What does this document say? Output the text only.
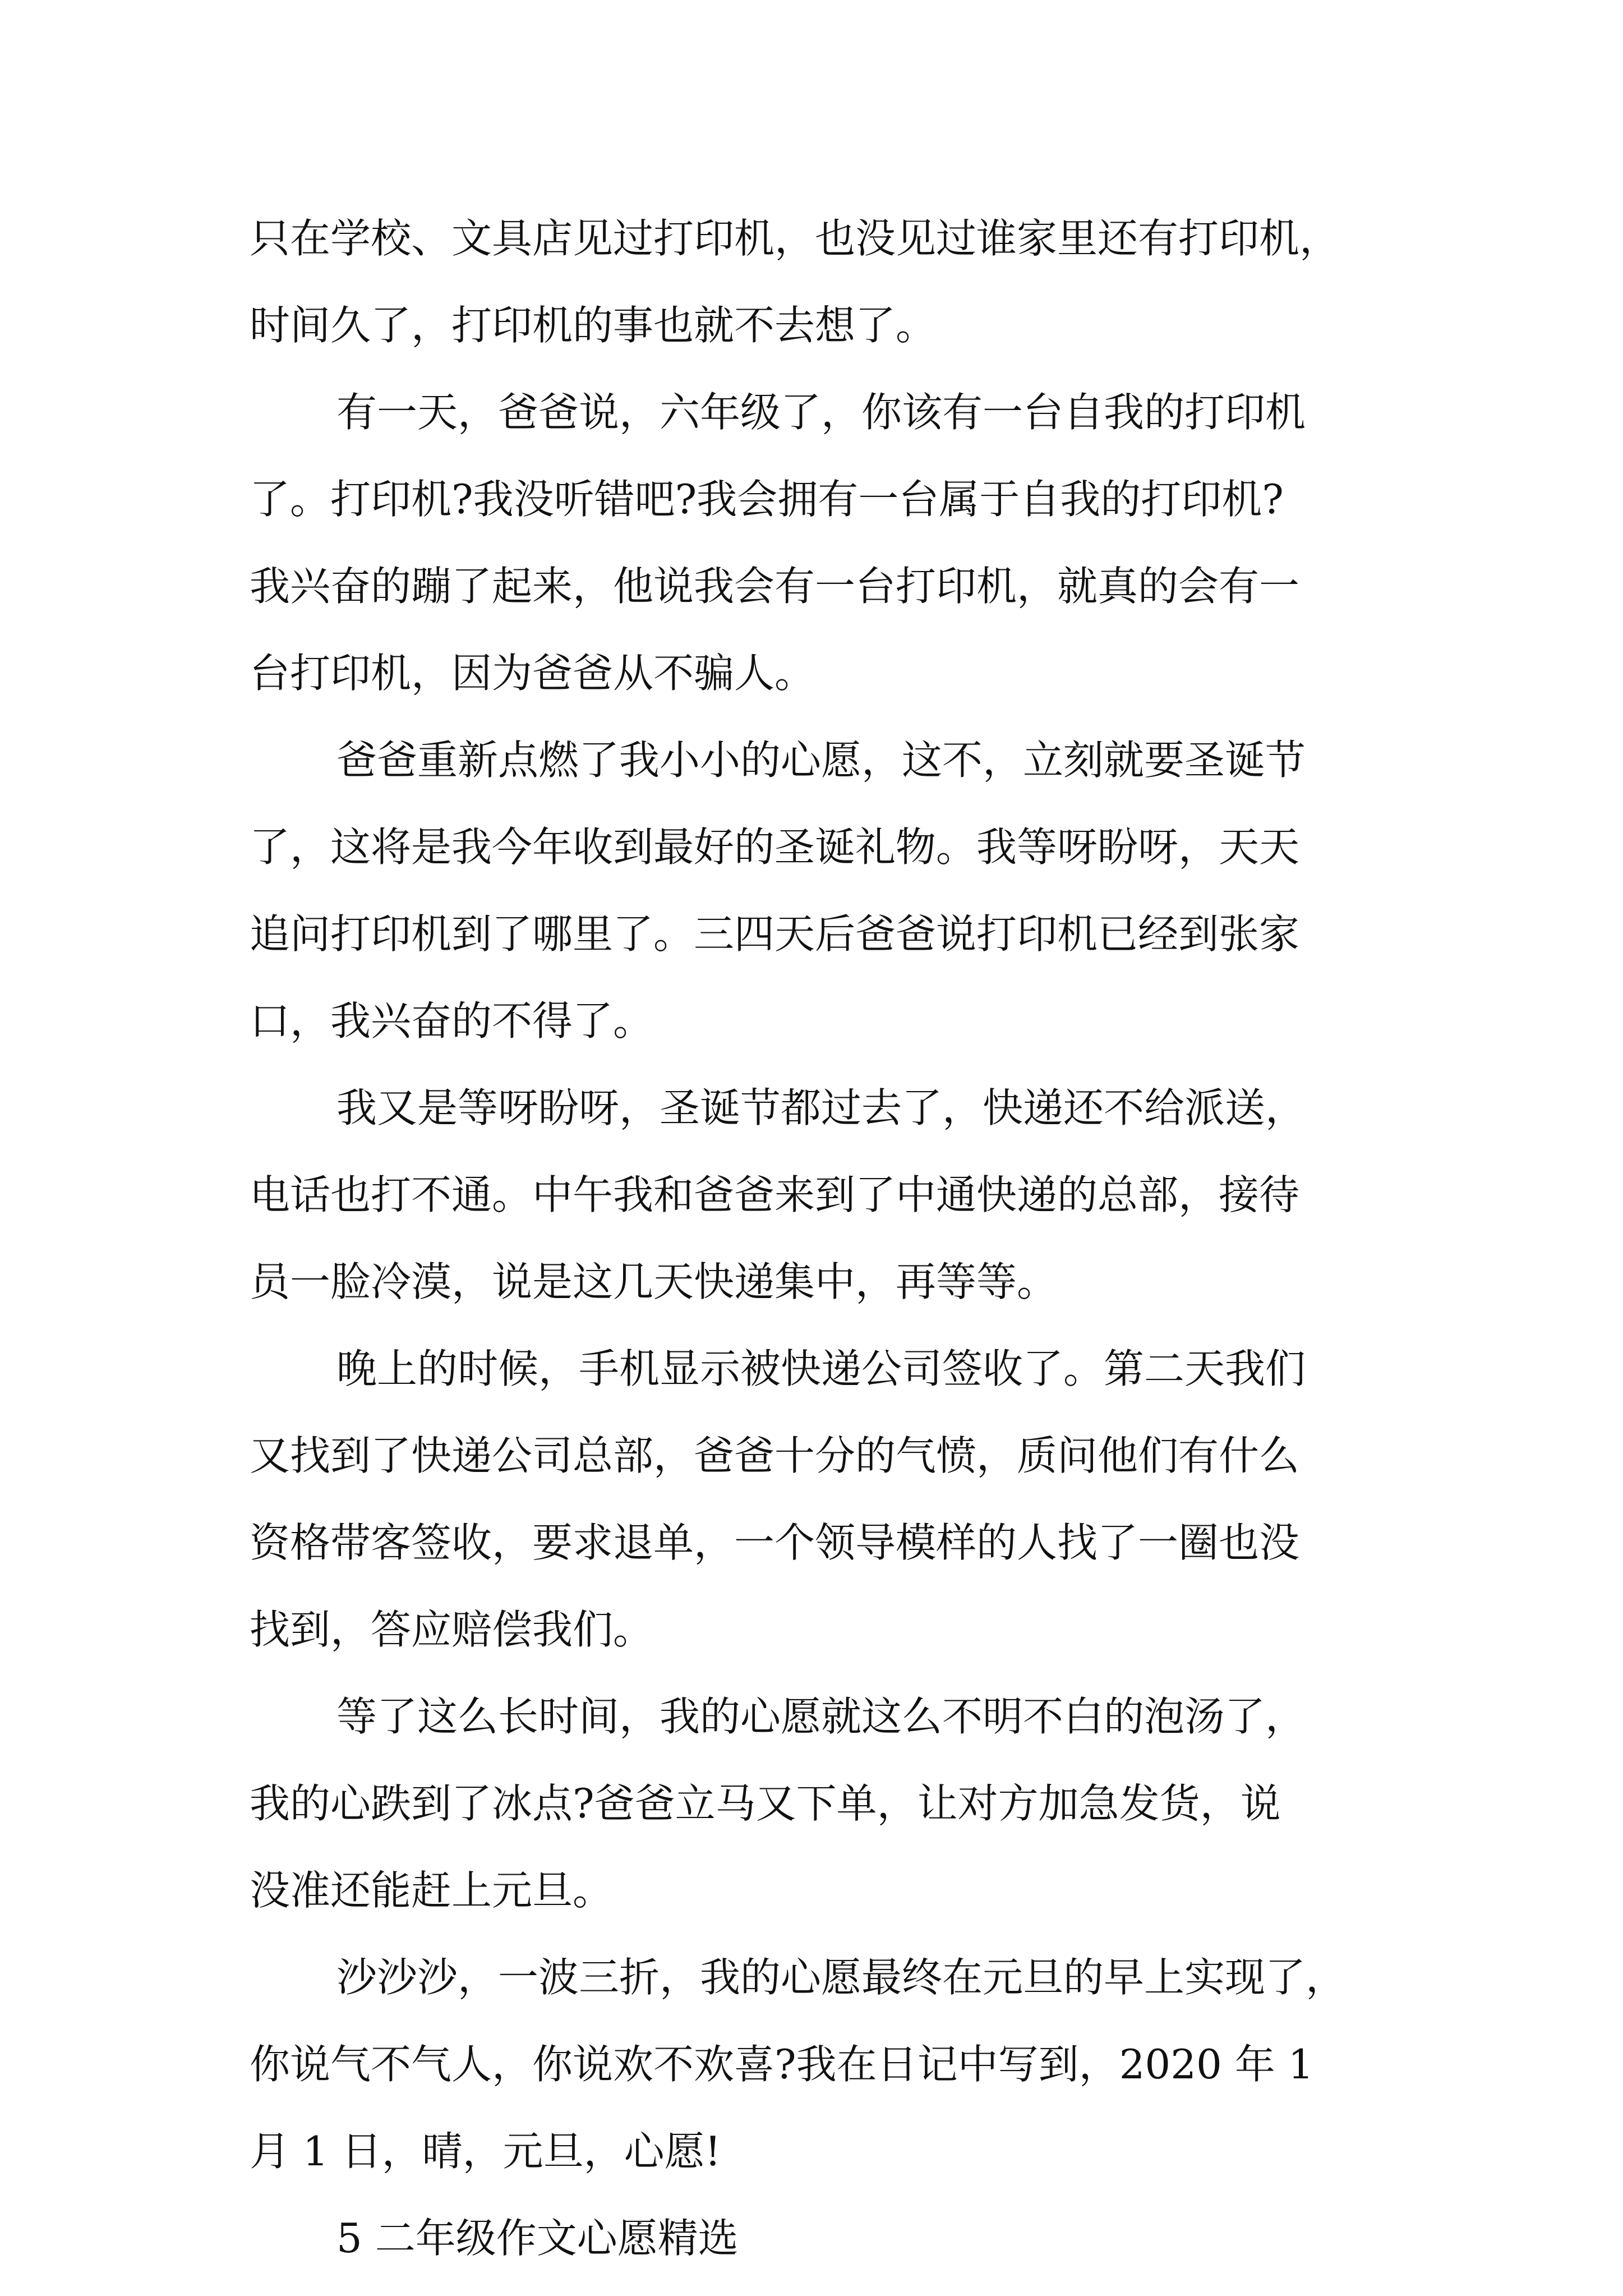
只在学校、文具店见过打印机，也没见过谁家里还有打印机，
时间久了，打印机的事也就不去想了。
有一天，爸爸说，六年级了，你该有一台自我的打印机
了。打印机?我没听错吧?我会拥有一台属于自我的打印机?
我兴奋的蹦了起来，他说我会有一台打印机，就真的会有一
台打印机，因为爸爸从不骗人。
爸爸重新点燃了我小小的心愿，这不，立刻就要圣诞节
了，这将是我今年收到最好的圣诞礼物。我等呀盼呀，天天
追问打印机到了哪里了。三四天后爸爸说打印机已经到张家
口，我兴奋的不得了。
我又是等呀盼呀，圣诞节都过去了，快递还不给派送，
电话也打不通。中午我和爸爸来到了中通快递的总部，接待
员一脸冷漠，说是这几天快递集中，再等等。
晚上的时候，手机显示被快递公司签收了。第二天我们
又找到了快递公司总部，爸爸十分的气愤，质问他们有什么
资格带客签收，要求退单，一个领导模样的人找了一圈也没
找到，答应赔偿我们。
等了这么长时间，我的心愿就这么不明不白的泡汤了，
我的心跌到了冰点?爸爸立马又下单，让对方加急发货，说
没准还能赶上元旦。
沙沙沙，一波三折，我的心愿最终在元旦的早上实现了，
你说气不气人，你说欢不欢喜?我在日记中写到，2020 年 1
月 1 日，晴，元旦，心愿!
5 二年级作文心愿精选
